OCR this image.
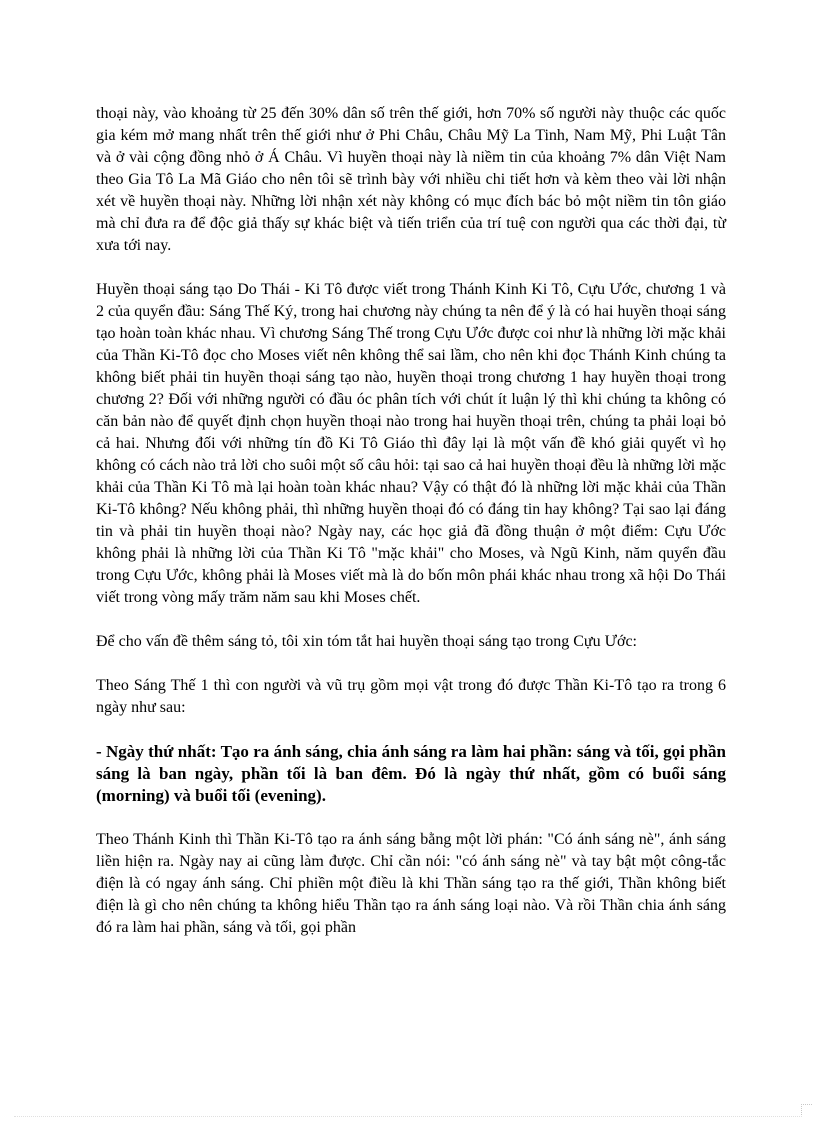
thoại này, vào khoảng từ 25 đến 30% dân số trên thế giới, hơn 70% số người này thuộc các quốc gia kém mở mang nhất trên thế giới như ở Phi Châu, Châu Mỹ La Tinh, Nam Mỹ, Phi Luật Tân và ở vài cộng đồng nhỏ ở Á Châu. Vì huyền thoại này là niềm tin của khoảng 7% dân Việt Nam theo Gia Tô La Mã Giáo cho nên tôi sẽ trình bày với nhiều chi tiết hơn và kèm theo vài lời nhận xét về huyền thoại này. Những lời nhận xét này không có mục đích bác bỏ một niềm tin tôn giáo mà chỉ đưa ra để độc giả thấy sự khác biệt và tiến triển của trí tuệ con người qua các thời đại, từ xưa tới nay.

Huyền thoại sáng tạo Do Thái - Ki Tô được viết trong Thánh Kinh Ki Tô, Cựu Ước, chương 1 và 2 của quyển đầu: Sáng Thế Ký, trong hai chương này chúng ta nên để ý là có hai huyền thoại sáng tạo hoàn toàn khác nhau. Vì chương Sáng Thế trong Cựu Ước được coi như là những lời mặc khải của Thần Ki-Tô đọc cho Moses viết nên không thể sai lầm, cho nên khi đọc Thánh Kinh chúng ta không biết phải tin huyền thoại sáng tạo nào, huyền thoại trong chương 1 hay huyền thoại trong chương 2? Đối với những người có đầu óc phân tích với chút ít luận lý thì khi chúng ta không có căn bản nào để quyết định chọn huyền thoại nào trong hai huyền thoại trên, chúng ta phải loại bỏ cả hai. Nhưng đối với những tín đồ Ki Tô Giáo thì đây lại là một vấn đề khó giải quyết vì họ không có cách nào trả lời cho suôi một số câu hỏi: tại sao cả hai huyền thoại đều là những lời mặc khải của Thần Ki Tô mà lại hoàn toàn khác nhau? Vậy có thật đó là những lời mặc khải của Thần Ki-Tô không? Nếu không phải, thì những huyền thoại đó có đáng tin hay không? Tại sao lại đáng tin và phải tin huyền thoại nào? Ngày nay, các học giả đã đồng thuận ở một điểm: Cựu Ước không phải là những lời của Thần Ki Tô "mặc khải" cho Moses, và Ngũ Kinh, năm quyển đầu trong Cựu Ước, không phải là Moses viết mà là do bốn môn phái khác nhau trong xã hội Do Thái viết trong vòng mấy trăm năm sau khi Moses chết.

Để cho vấn đề thêm sáng tỏ, tôi xin tóm tắt hai huyền thoại sáng tạo trong Cựu Ước:

Theo Sáng Thế 1 thì con người và vũ trụ gồm mọi vật trong đó được Thần Ki-Tô tạo ra trong 6 ngày như sau:

- Ngày thứ nhất: Tạo ra ánh sáng, chia ánh sáng ra làm hai phần: sáng và tối, gọi phần sáng là ban ngày, phần tối là ban đêm. Đó là ngày thứ nhất, gồm có buổi sáng (morning) và buổi tối (evening).

Theo Thánh Kinh thì Thần Ki-Tô tạo ra ánh sáng bằng một lời phán: "Có ánh sáng nè", ánh sáng liền hiện ra. Ngày nay ai cũng làm được. Chỉ cần nói: "có ánh sáng nè" và tay bật một công-tắc điện là có ngay ánh sáng. Chỉ phiền một điều là khi Thần sáng tạo ra thế giới, Thần không biết điện là gì cho nên chúng ta không hiểu Thần tạo ra ánh sáng loại nào. Và rồi Thần chia ánh sáng đó ra làm hai phần, sáng và tối, gọi phần
